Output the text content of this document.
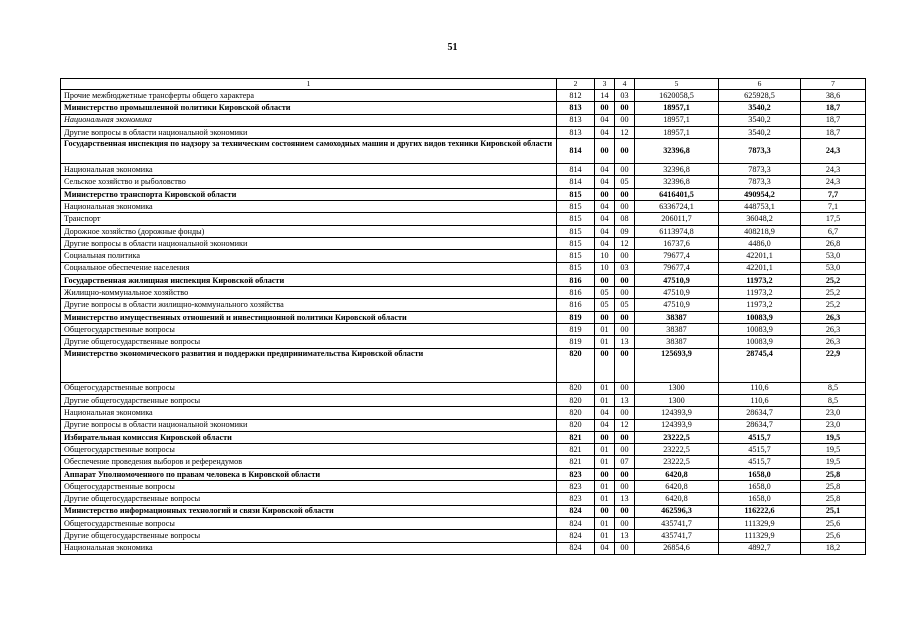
51
1	2	3	4	5	6	7
Прочие межбюджетные трансферты общего характера	812	14	03	1620058,5	625928,5	38,6
Министерство промышленной политики Кировской области	813	00	00	18957,1	3540,2	18,7
Национальная экономика	813	04	00	18957,1	3540,2	18,7
Другие вопросы в области национальной экономики	813	04	12	18957,1	3540,2	18,7
Государственная инспекция по надзору за техническим состоянием самоходных машин и других видов техники Кировской области	814	00	00	32396,8	7873,3	24,3
Национальная экономика	814	04	00	32396,8	7873,3	24,3
Сельское хозяйство и рыболовство	814	04	05	32396,8	7873,3	24,3
Министерство транспорта Кировской области	815	00	00	6416401,5	490954,2	7,7
Национальная экономика	815	04	00	6336724,1	448753,1	7,1
Транспорт	815	04	08	206011,7	36048,2	17,5
Дорожное хозяйство (дорожные фонды)	815	04	09	6113974,8	408218,9	6,7
Другие вопросы в области национальной экономики	815	04	12	16737,6	4486,0	26,8
Социальная политика	815	10	00	79677,4	42201,1	53,0
Социальное обеспечение населения	815	10	03	79677,4	42201,1	53,0
Государственная жилищная инспекция Кировской области	816	00	00	47510,9	11973,2	25,2
Жилищно-коммунальное хозяйство	816	05	00	47510,9	11973,2	25,2
Другие вопросы в области жилищно-коммунального хозяйства	816	05	05	47510,9	11973,2	25,2
Министерство имущественных отношений и инвестиционной политики Кировской области	819	00	00	38387	10083,9	26,3
Общегосударственные вопросы	819	01	00	38387	10083,9	26,3
Другие общегосударственные вопросы	819	01	13	38387	10083,9	26,3
Министерство экономического развития и поддержки предпринимательства Кировской области	820	00	00	125693,9	28745,4	22,9
Общегосударственные вопросы	820	01	00	1300	110,6	8,5
Другие общегосударственные вопросы	820	01	13	1300	110,6	8,5
Национальная экономика	820	04	00	124393,9	28634,7	23,0
Другие вопросы в области национальной экономики	820	04	12	124393,9	28634,7	23,0
Избирательная комиссия Кировской области	821	00	00	23222,5	4515,7	19,5
Общегосударственные вопросы	821	01	00	23222,5	4515,7	19,5
Обеспечение проведения выборов и референдумов	821	01	07	23222,5	4515,7	19,5
Аппарат Уполномоченного по правам человека в Кировской области	823	00	00	6420,8	1658,0	25,8
Общегосударственные вопросы	823	01	00	6420,8	1658,0	25,8
Другие общегосударственные вопросы	823	01	13	6420,8	1658,0	25,8
Министерство информационных технологий и связи Кировской области	824	00	00	462596,3	116222,6	25,1
Общегосударственные вопросы	824	01	00	435741,7	111329,9	25,6
Другие общегосударственные вопросы	824	01	13	435741,7	111329,9	25,6
Национальная экономика	824	04	00	26854,6	4892,7	18,2
